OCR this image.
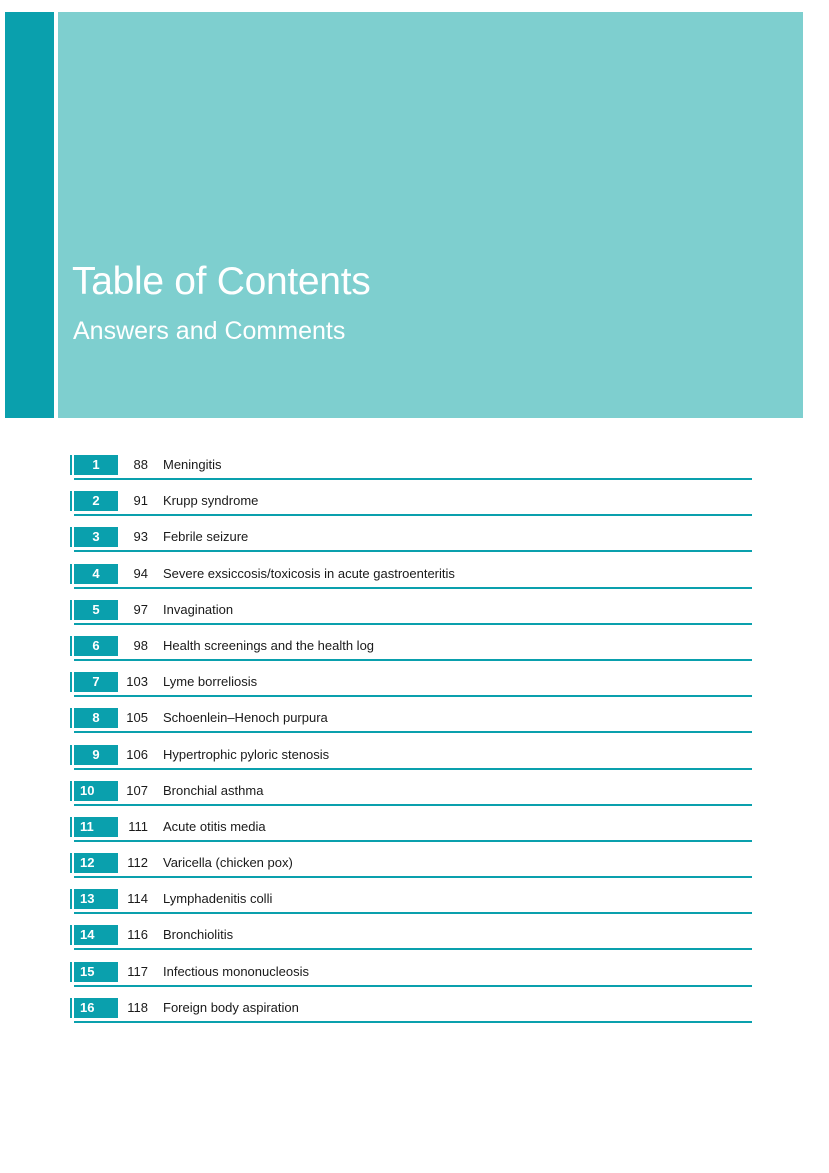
Table of Contents
Answers and Comments
1	88 Meningitis
2	91 Krupp syndrome
3	93 Febrile seizure
4	94 Severe exsiccosis/toxicosis in acute gastroenteritis
5	97 Invagination
6	98 Health screenings and the health log
7	103 Lyme borreliosis
8	105 Schoenlein–Henoch purpura
9	106 Hypertrophic pyloric stenosis
10	107 Bronchial asthma
11	111 Acute otitis media
12	112 Varicella (chicken pox)
13	114 Lymphadenitis colli
14	116 Bronchiolitis
15	117 Infectious mononucleosis
16	118 Foreign body aspiration
